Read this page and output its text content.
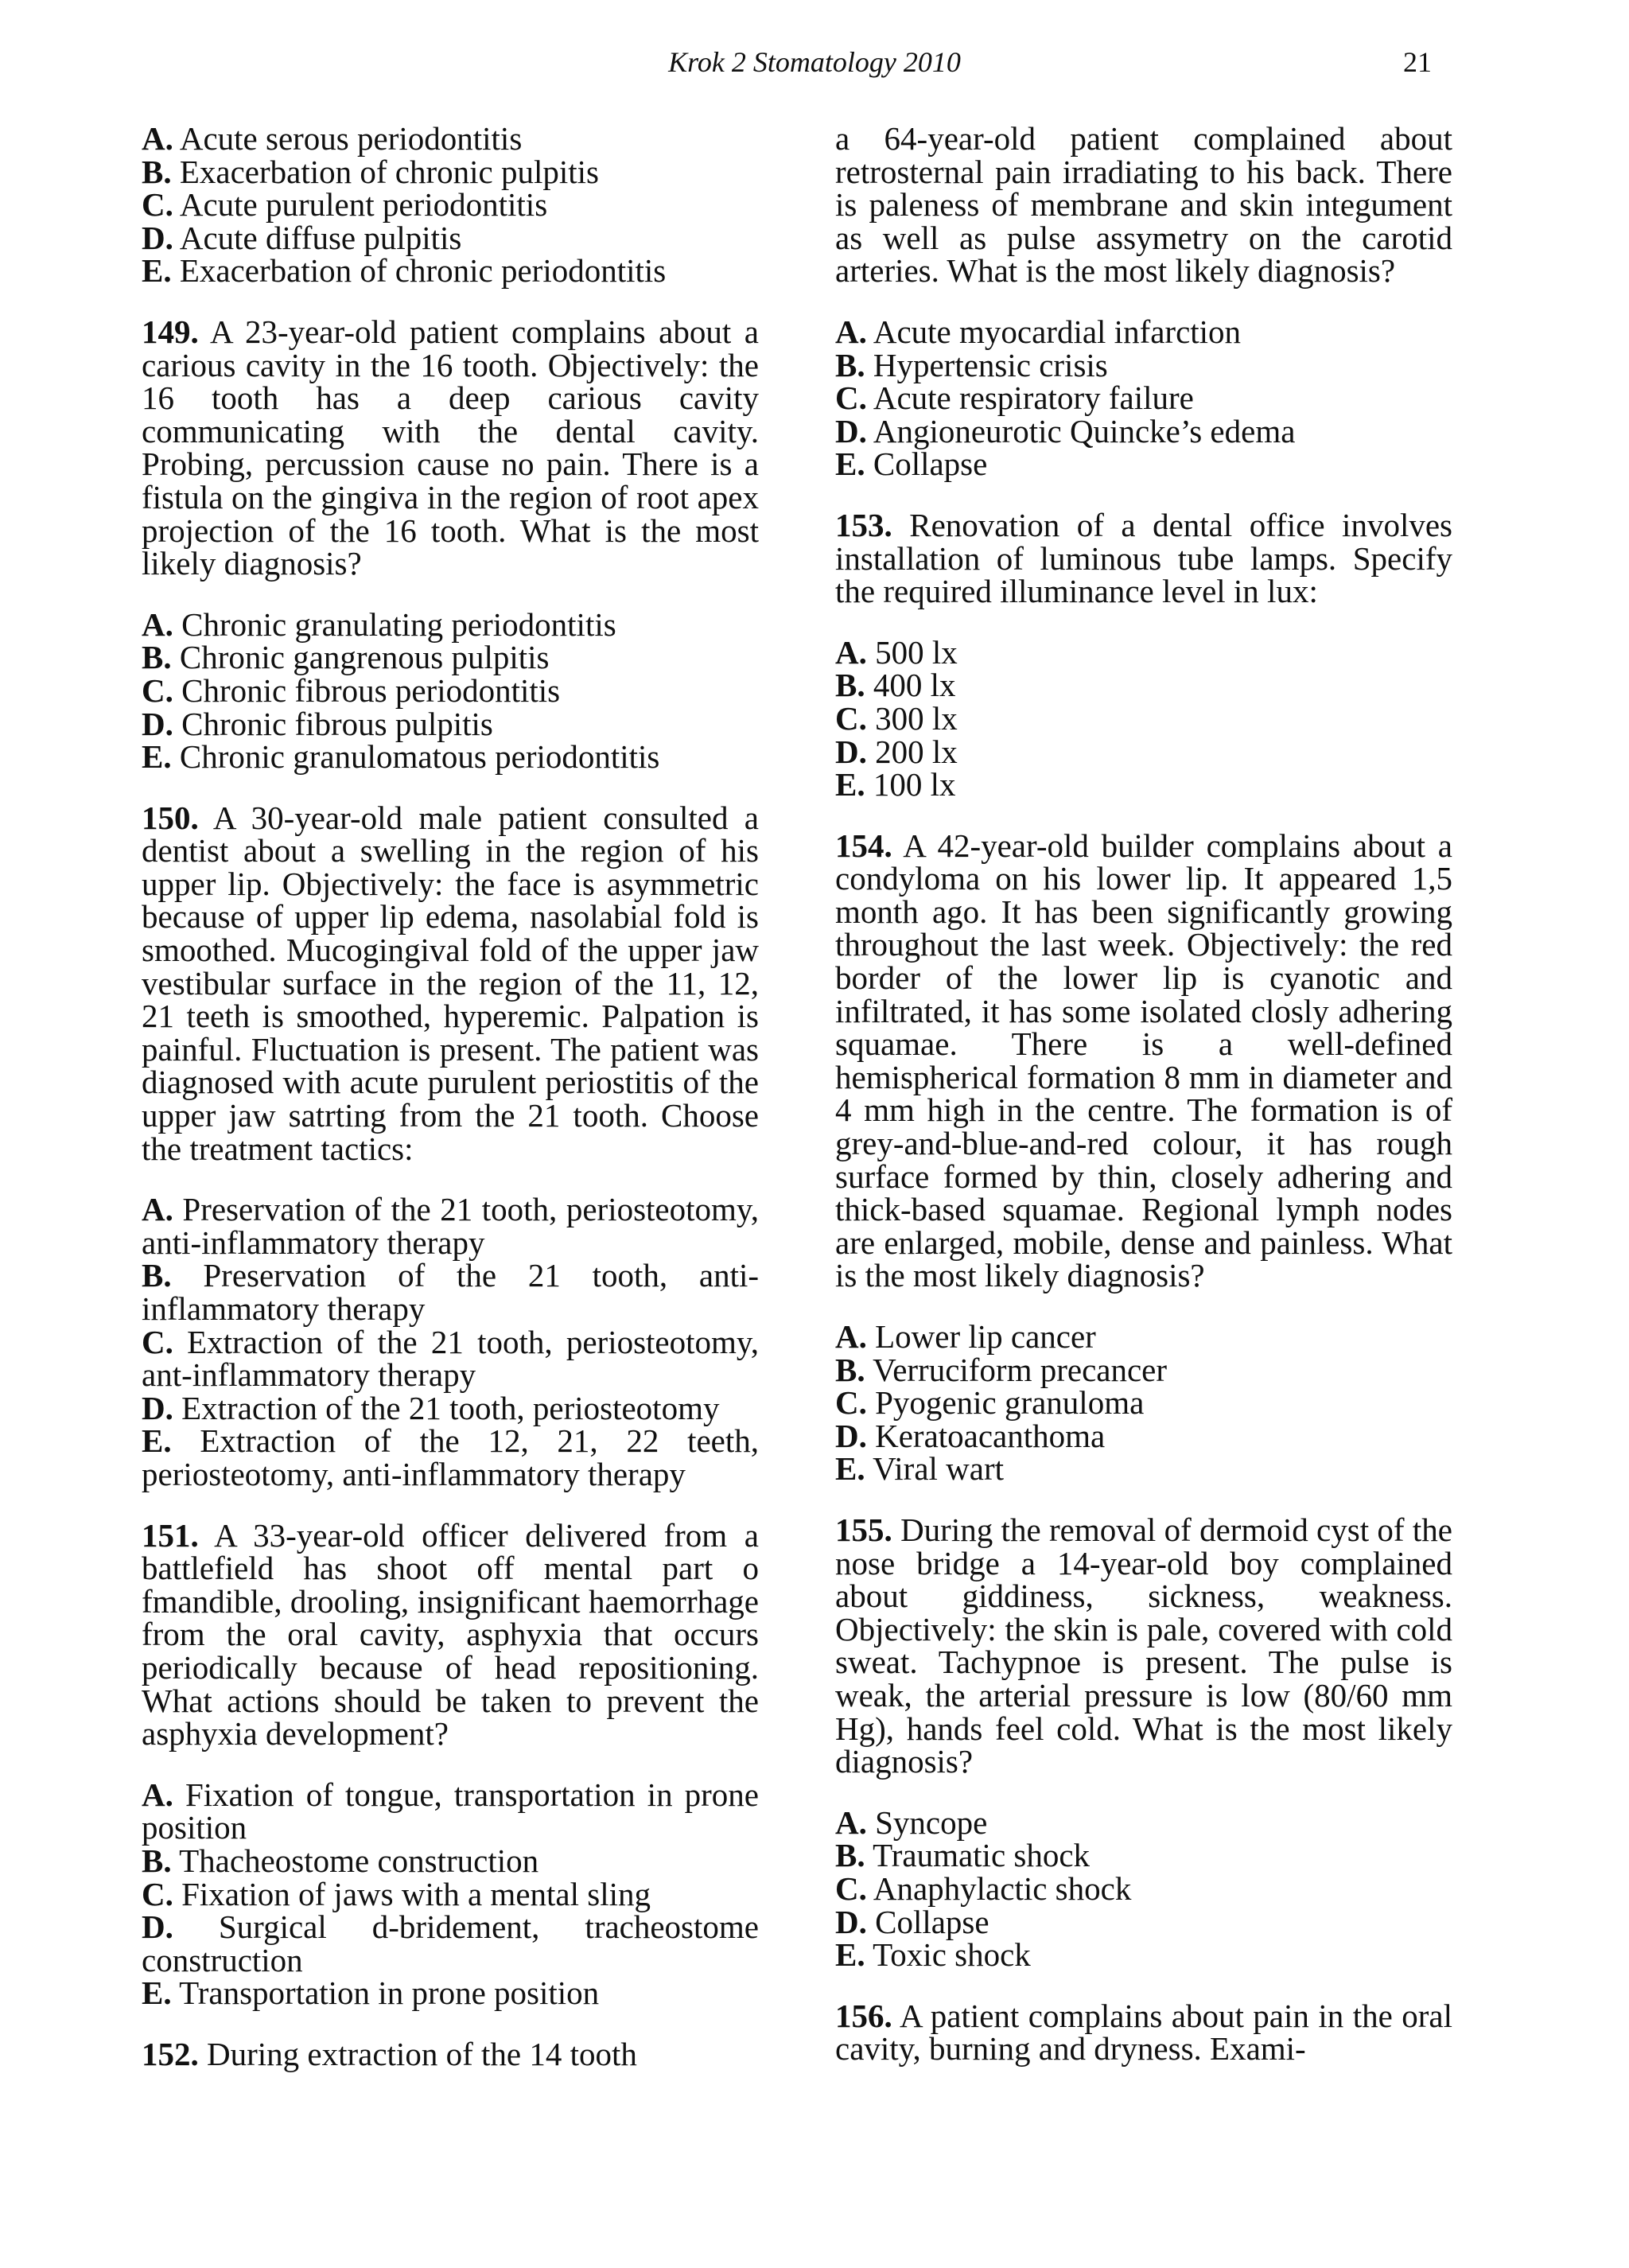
Krok 2 Stomatology 2010	21
A. Acute serous periodontitis
B. Exacerbation of chronic pulpitis
C. Acute purulent periodontitis
D. Acute diffuse pulpitis
E. Exacerbation of chronic periodontitis

149. A 23-year-old patient complains about a carious cavity in the 16 tooth. Objectively: the 16 tooth has a deep carious cavity communicating with the dental cavity. Probing, percussion cause no pain. There is a fistula on the gingiva in the region of root apex projection of the 16 tooth. What is the most likely diagnosis?

A. Chronic granulating periodontitis
B. Chronic gangrenous pulpitis
C. Chronic fibrous periodontitis
D. Chronic fibrous pulpitis
E. Chronic granulomatous periodontitis

150. A 30-year-old male patient consulted a dentist about a swelling in the region of his upper lip. Objectively: the face is asymmetric because of upper lip edema, nasolabial fold is smoothed. Mucogingival fold of the upper jaw vestibular surface in the region of the 11, 12, 21 teeth is smoothed, hyperemic. Palpation is painful. Fluctuation is present. The patient was diagnosed with acute purulent periostitis of the upper jaw satrting from the 21 tooth. Choose the treatment tactics:

A. Preservation of the 21 tooth, periosteotomy, anti-inflammatory therapy
B. Preservation of the 21 tooth, anti-inflammatory therapy
C. Extraction of the 21 tooth, periosteotomy, ant-inflammatory therapy
D. Extraction of the 21 tooth, periosteotomy
E. Extraction of the 12, 21, 22 teeth, periosteotomy, anti-inflammatory therapy

151. A 33-year-old officer delivered from a battlefield has shoot off mental part o fmandible, drooling, insignificant haemorrhage from the oral cavity, asphyxia that occurs periodically because of head repositioning. What actions should be taken to prevent the asphyxia development?

A. Fixation of tongue, transportation in prone position
B. Thacheostome construction
C. Fixation of jaws with a mental sling
D. Surgical d-bridement, tracheostome construction
E. Transportation in prone position

152. During extraction of the 14 tooth

a 64-year-old patient complained about retrosternal pain irradiating to his back. There is paleness of membrane and skin integument as well as pulse assymetry on the carotid arteries. What is the most likely diagnosis?

A. Acute myocardial infarction
B. Hypertensic crisis
C. Acute respiratory failure
D. Angioneurotic Quincke’s edema
E. Collapse

153. Renovation of a dental office involves installation of luminous tube lamps. Specify the required illuminance level in lux:

A. 500 lx
B. 400 lx
C. 300 lx
D. 200 lx
E. 100 lx

154. A 42-year-old builder complains about a condyloma on his lower lip. It appeared 1,5 month ago. It has been significantly growing throughout the last week. Objectively: the red border of the lower lip is cyanotic and infiltrated, it has some isolated closly adhering squamae. There is a well-defined hemispherical formation 8 mm in diameter and 4 mm high in the centre. The formation is of grey-and-blue-and-red colour, it has rough surface formed by thin, closely adhering and thick-based squamae. Regional lymph nodes are enlarged, mobile, dense and painless. What is the most likely diagnosis?

A. Lower lip cancer
B. Verruciform precancer
C. Pyogenic granuloma
D. Keratoacanthoma
E. Viral wart

155. During the removal of dermoid cyst of the nose bridge a 14-year-old boy complained about giddiness, sickness, weakness. Objectively: the skin is pale, covered with cold sweat. Tachypnoe is present. The pulse is weak, the arterial pressure is low (80/60 mm Hg), hands feel cold. What is the most likely diagnosis?

A. Syncope
B. Traumatic shock
C. Anaphylactic shock
D. Collapse
E. Toxic shock

156. A patient complains about pain in the oral cavity, burning and dryness. Exami-
